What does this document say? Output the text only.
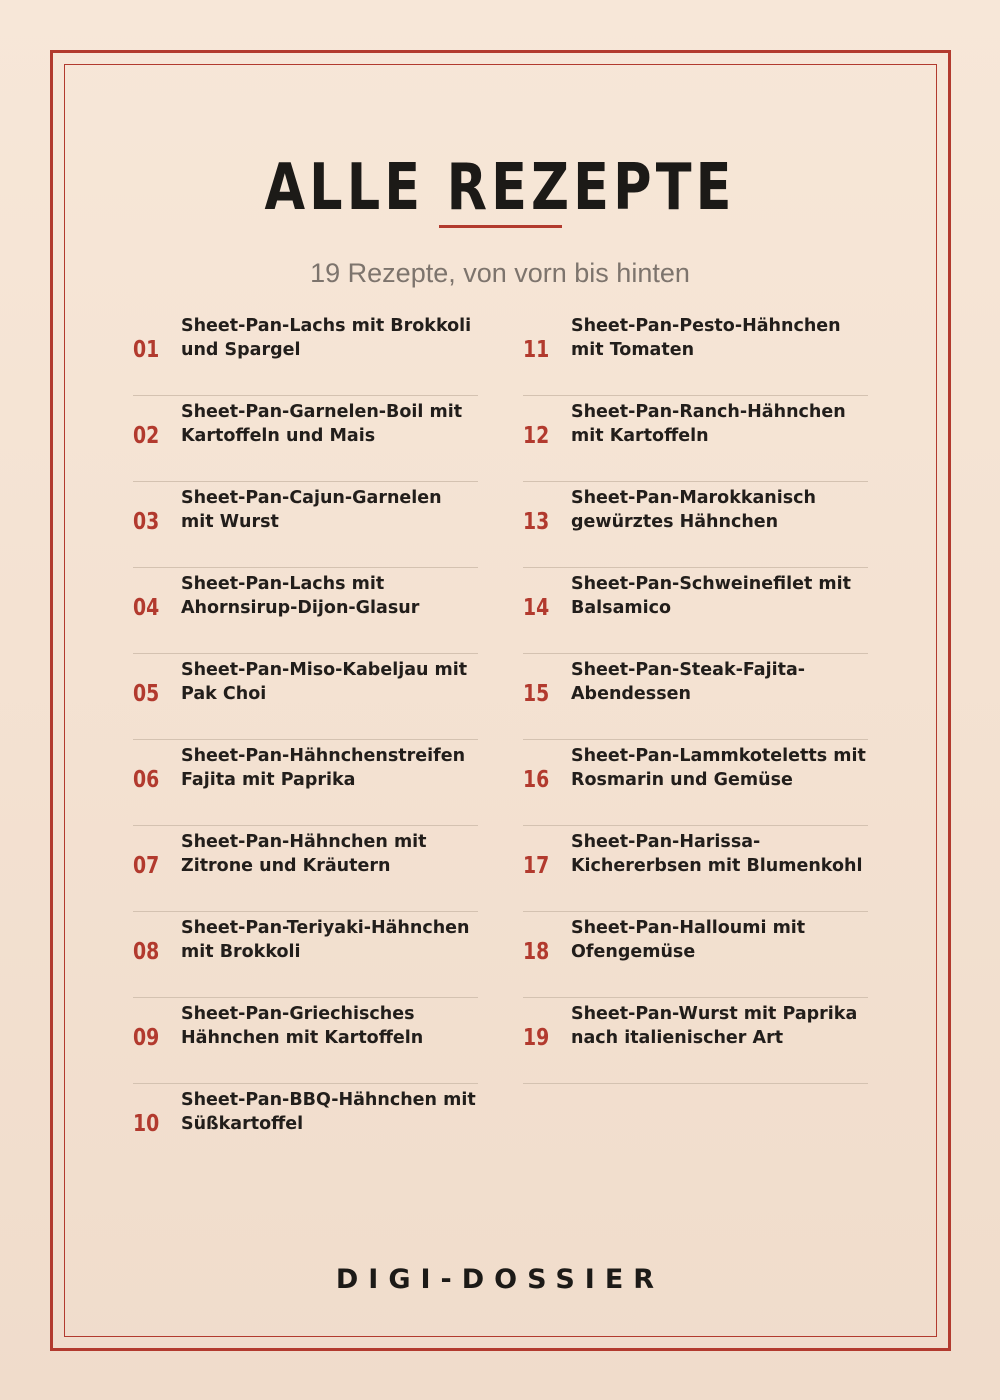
ALLE REZEPTE
19 Rezepte, von vorn bis hinten
01
Sheet-Pan-Lachs mit Brokkoli und Spargel
02
Sheet-Pan-Garnelen-Boil mit Kartoffeln und Mais
03
Sheet-Pan-Cajun-Garnelen mit Wurst
04
Sheet-Pan-Lachs mit Ahornsirup-Dijon-Glasur
05
Sheet-Pan-Miso-Kabeljau mit Pak Choi
06
Sheet-Pan-Hähnchenstreifen Fajita mit Paprika
07
Sheet-Pan-Hähnchen mit Zitrone und Kräutern
08
Sheet-Pan-Teriyaki-Hähnchen mit Brokkoli
09
Sheet-Pan-Griechisches Hähnchen mit Kartoffeln
10
Sheet-Pan-BBQ-Hähnchen mit Süßkartoffel
11
Sheet-Pan-Pesto-Hähnchen mit Tomaten
12
Sheet-Pan-Ranch-Hähnchen mit Kartoffeln
13
Sheet-Pan-Marokkanisch gewürztes Hähnchen
14
Sheet-Pan-Schweinefilet mit Balsamico
15
Sheet-Pan-Steak-Fajita-Abendessen
16
Sheet-Pan-Lammkoteletts mit Rosmarin und Gemüse
17
Sheet-Pan-Harissa-Kichererbsen mit Blumenkohl
18
Sheet-Pan-Halloumi mit Ofengemüse
19
Sheet-Pan-Wurst mit Paprika nach italienischer Art
DIGI-DOSSIER
